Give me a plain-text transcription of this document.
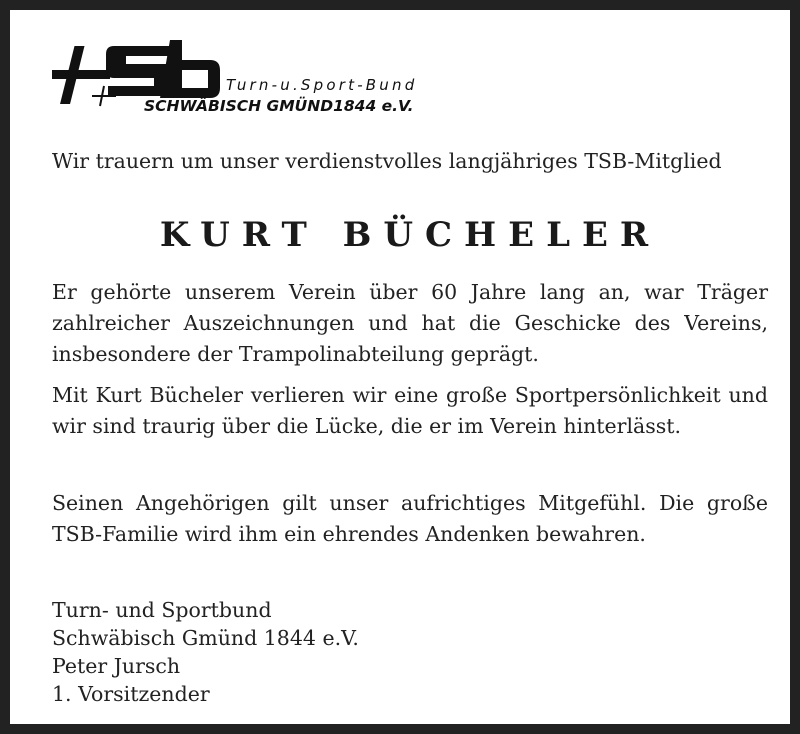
Turn-u.Sport-Bund
SCHWÄBISCH GMÜND1844 e.V.

Wir trauern um unser verdienstvolles langjähriges TSB-Mitglied

KURT BÜCHELER

Er gehörte unserem Verein über 60 Jahre lang an, war Träger zahlreicher Auszeichnungen und hat die Geschicke des Vereins, insbesondere der Trampolinabteilung geprägt.

Mit Kurt Bücheler verlieren wir eine große Sportpersönlichkeit und wir sind traurig über die Lücke, die er im Verein hinterlässt.

Seinen Angehörigen gilt unser aufrichtiges Mitgefühl. Die große TSB-Familie wird ihm ein ehrendes Andenken bewahren.

Turn- und Sportbund
Schwäbisch Gmünd 1844 e.V.
Peter Jursch
1. Vorsitzender
